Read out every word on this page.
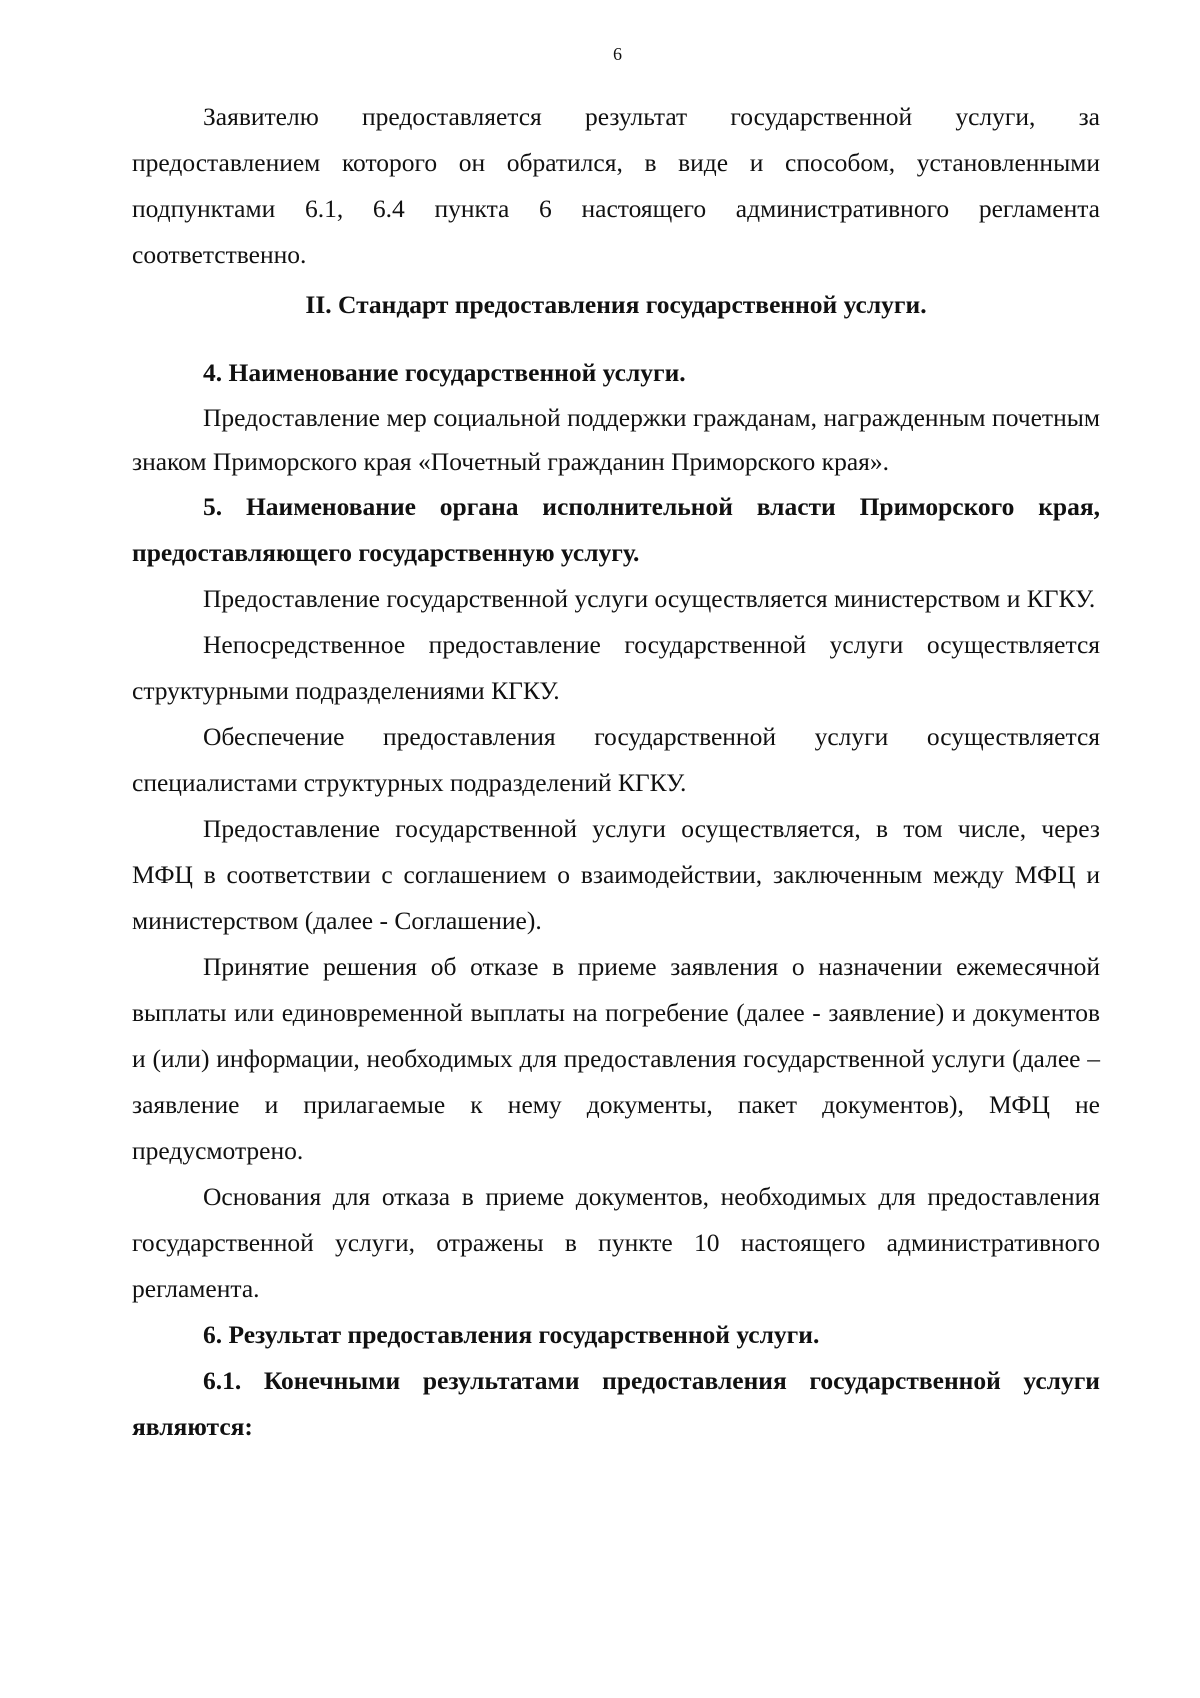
6

Заявителю предоставляется результат государственной услуги, за предоставлением которого он обратился, в виде и способом, установленными подпунктами 6.1, 6.4 пункта 6 настоящего административного регламента соответственно.

II. Стандарт предоставления государственной услуги.

4. Наименование государственной услуги.

Предоставление мер социальной поддержки гражданам, награжденным почетным знаком Приморского края «Почетный гражданин Приморского края».

5. Наименование органа исполнительной власти Приморского края, предоставляющего государственную услугу.

Предоставление государственной услуги осуществляется министерством и КГКУ.

Непосредственное предоставление государственной услуги осуществляется структурными подразделениями КГКУ.

Обеспечение предоставления государственной услуги осуществляется специалистами структурных подразделений КГКУ.

Предоставление государственной услуги осуществляется, в том числе, через МФЦ в соответствии с соглашением о взаимодействии, заключенным между МФЦ и министерством (далее - Соглашение).

Принятие решения об отказе в приеме заявления о назначении ежемесячной выплаты или единовременной выплаты на погребение (далее - заявление) и документов и (или) информации, необходимых для предоставления государственной услуги (далее – заявление и прилагаемые к нему документы, пакет документов), МФЦ не предусмотрено.

Основания для отказа в приеме документов, необходимых для предоставления государственной услуги, отражены в пункте 10 настоящего административного регламента.

6. Результат предоставления государственной услуги.

6.1. Конечными результатами предоставления государственной услуги являются:
